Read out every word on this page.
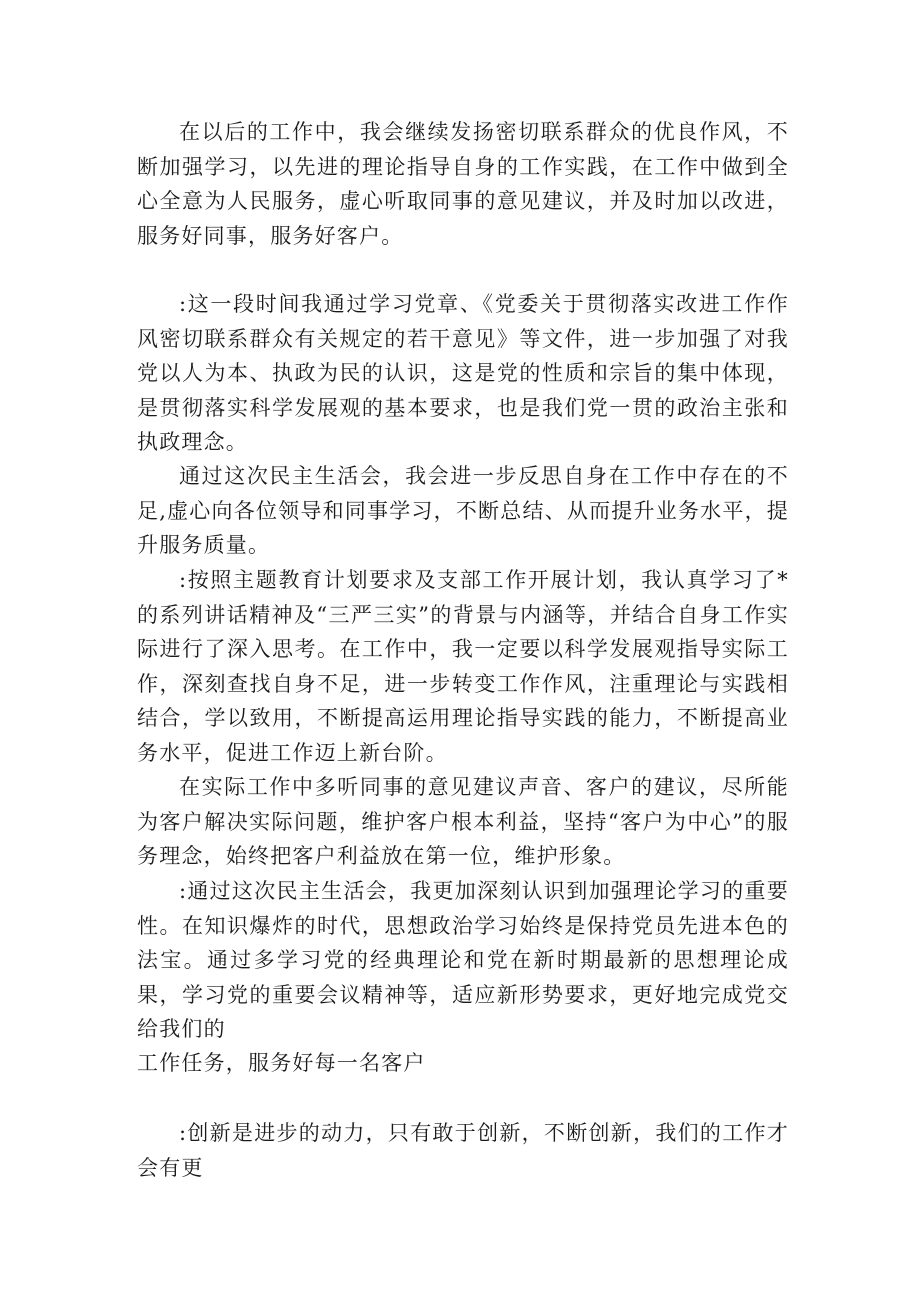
在以后的工作中，我会继续发扬密切联系群众的优良作风，不断加强学习，以先进的理论指导自身的工作实践，在工作中做到全心全意为人民服务，虚心听取同事的意见建议，并及时加以改进，服务好同事，服务好客户。

:这一段时间我通过学习党章、《党委关于贯彻落实改进工作作风密切联系群众有关规定的若干意见》等文件，进一步加强了对我党以人为本、执政为民的认识，这是党的性质和宗旨的集中体现，是贯彻落实科学发展观的基本要求，也是我们党一贯的政治主张和执政理念。

通过这次民主生活会，我会进一步反思自身在工作中存在的不足,虚心向各位领导和同事学习，不断总结、从而提升业务水平，提升服务质量。

:按照主题教育计划要求及支部工作开展计划，我认真学习了*的系列讲话精神及“三严三实”的背景与内涵等，并结合自身工作实际进行了深入思考。在工作中，我一定要以科学发展观指导实际工作，深刻查找自身不足，进一步转变工作作风，注重理论与实践相结合，学以致用，不断提高运用理论指导实践的能力，不断提高业务水平，促进工作迈上新台阶。

在实际工作中多听同事的意见建议声音、客户的建议，尽所能为客户解决实际问题，维护客户根本利益，坚持“客户为中心”的服务理念，始终把客户利益放在第一位，维护形象。

:通过这次民主生活会，我更加深刻认识到加强理论学习的重要性。在知识爆炸的时代，思想政治学习始终是保持党员先进本色的法宝。通过多学习党的经典理论和党在新时期最新的思想理论成果，学习党的重要会议精神等，适应新形势要求，更好地完成党交给我们的

工作任务，服务好每一名客户

:创新是进步的动力，只有敢于创新，不断创新，我们的工作才会有更
